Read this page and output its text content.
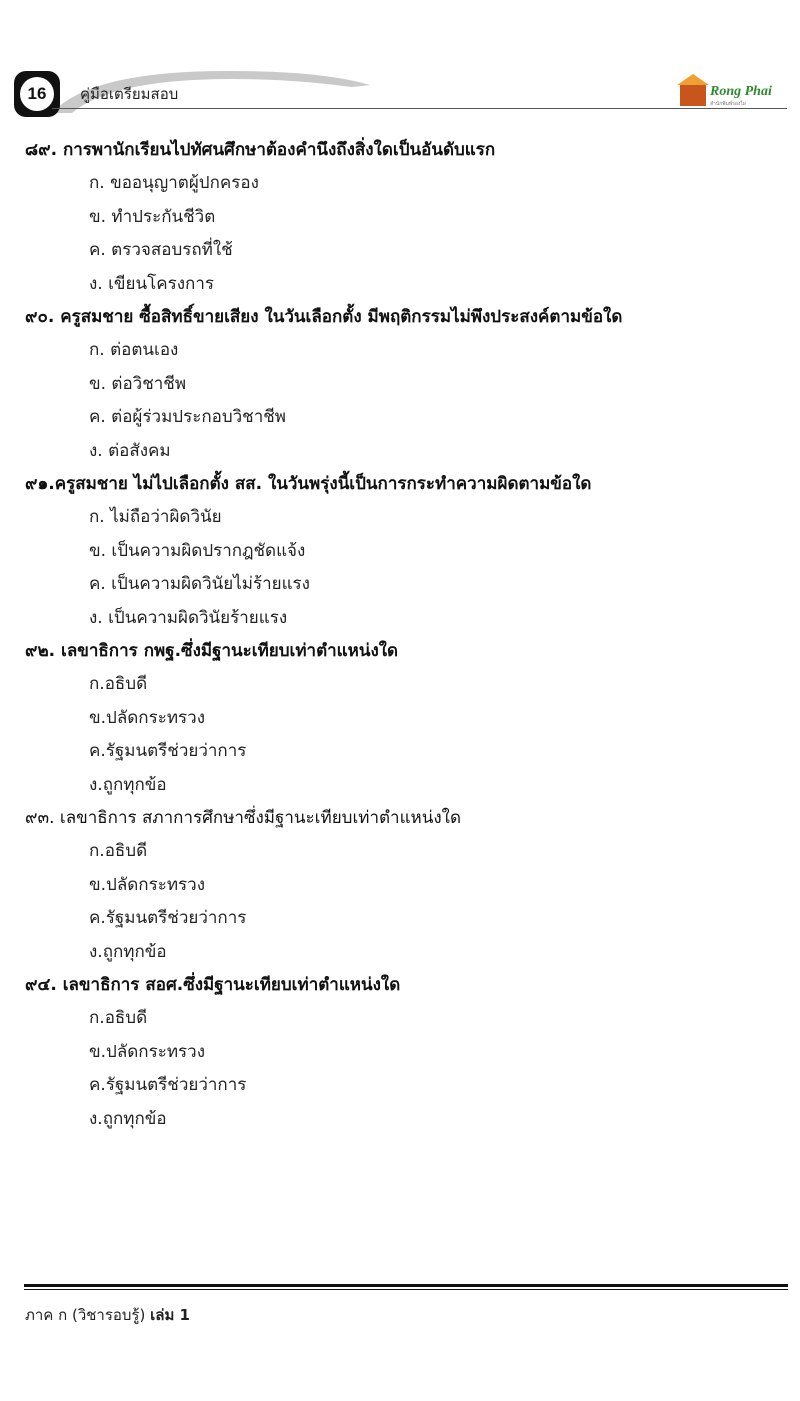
16	คู่มือเตรียมสอบ	Rong Phai
สำนักพิมพ์รองไผ่
๘๙. การพานักเรียนไปทัศนศึกษาต้องคำนึงถึงสิ่งใดเป็นอันดับแรก
ก. ขออนุญาตผู้ปกครอง
ข. ทำประกันชีวิต
ค. ตรวจสอบรถที่ใช้
ง. เขียนโครงการ
๙๐. ครูสมชาย ซื้อสิทธิ์ขายเสียง ในวันเลือกตั้ง มีพฤติกรรมไม่พึงประสงค์ตามข้อใด
ก. ต่อตนเอง
ข. ต่อวิชาชีพ
ค. ต่อผู้ร่วมประกอบวิชาชีพ
ง. ต่อสังคม
๙๑.ครูสมชาย ไม่ไปเลือกตั้ง สส. ในวันพรุ่งนี้เป็นการกระทำความผิดตามข้อใด
ก. ไม่ถือว่าผิดวินัย
ข. เป็นความผิดปรากฎชัดแจ้ง
ค. เป็นความผิดวินัยไม่ร้ายแรง
ง. เป็นความผิดวินัยร้ายแรง
๙๒. เลขาธิการ กพฐ.ซึ่งมีฐานะเทียบเท่าตำแหน่งใด
ก.อธิบดี
ข.ปลัดกระทรวง
ค.รัฐมนตรีช่วยว่าการ
ง.ถูกทุกข้อ
๙๓. เลขาธิการ สภาการศึกษาซึ่งมีฐานะเทียบเท่าตำแหน่งใด
ก.อธิบดี
ข.ปลัดกระทรวง
ค.รัฐมนตรีช่วยว่าการ
ง.ถูกทุกข้อ
๙๔. เลขาธิการ สอศ.ซึ่งมีฐานะเทียบเท่าตำแหน่งใด
ก.อธิบดี
ข.ปลัดกระทรวง
ค.รัฐมนตรีช่วยว่าการ
ง.ถูกทุกข้อ
ภาค ก (วิชารอบรู้) เล่ม 1
